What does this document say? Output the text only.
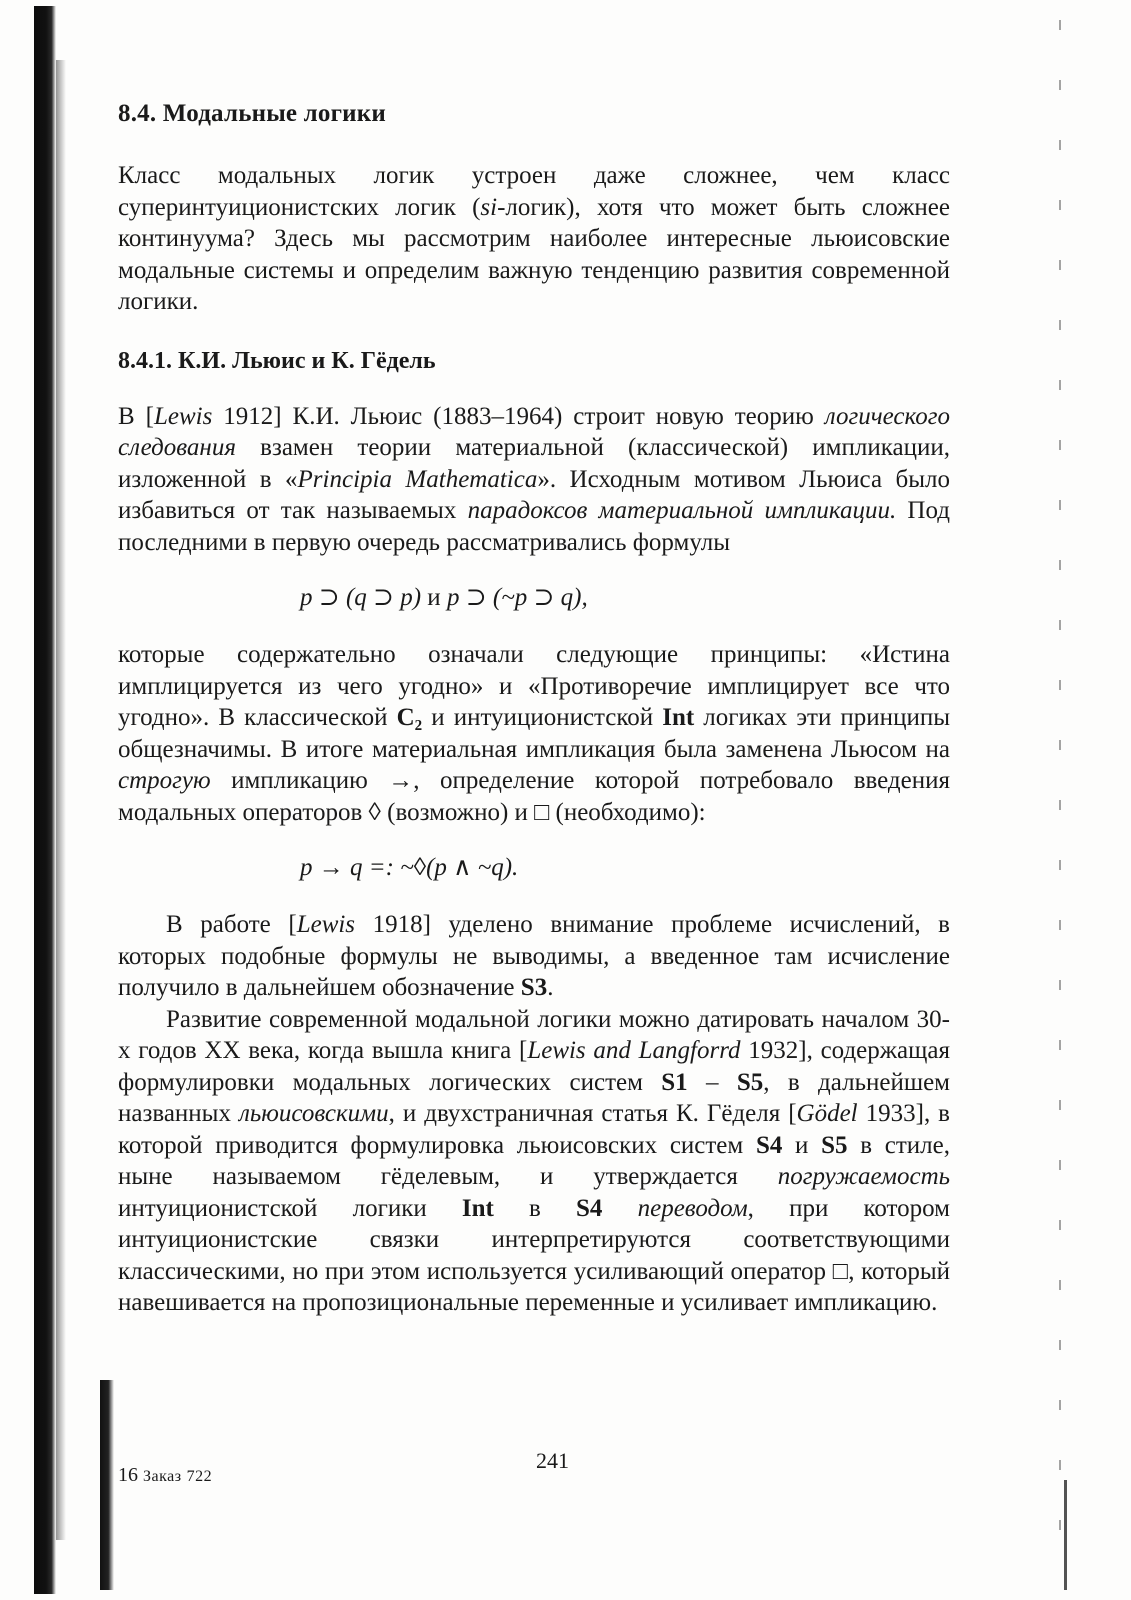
8.4. Модальные логики

Класс модальных логик устроен даже сложнее, чем класс суперинтуиционистских логик (si-логик), хотя что может быть сложнее континуума? Здесь мы рассмотрим наиболее интересные льюисовские модальные системы и определим важную тенденцию развития современной логики.

8.4.1. К.И. Льюис и К. Гёдель

В [Lewis 1912] К.И. Льюис (1883–1964) строит новую теорию логического следования взамен теории материальной (классической) импликации, изложенной в «Principia Mathematica». Исходным мотивом Льюиса было избавиться от так называемых парадоксов материальной импликации. Под последними в первую очередь рассматривались формулы

p ⊃ (q ⊃ p) и p ⊃ (~p ⊃ q),

которые содержательно означали следующие принципы: «Истина имплицируется из чего угодно» и «Противоречие имплицирует все что угодно». В классической C₂ и интуиционистской Int логиках эти принципы общезначимы. В итоге материальная импликация была заменена Льюсом на строгую импликацию →, определение которой потребовало введения модальных операторов ◊ (возможно) и □ (необходимо):

p → q =: ~◊(p ∧ ~q).

В работе [Lewis 1918] уделено внимание проблеме исчислений, в которых подобные формулы не выводимы, а введенное там исчисление получило в дальнейшем обозначение S3.

Развитие современной модальной логики можно датировать началом 30-х годов XX века, когда вышла книга [Lewis and Langforrd 1932], содержащая формулировки модальных логических систем S1 – S5, в дальнейшем названных льюисовскими, и двухстраничная статья К. Гёделя [Gödel 1933], в которой приводится формулировка льюисовских систем S4 и S5 в стиле, ныне называемом гёделевым, и утверждается погружаемость интуиционистской логики Int в S4 переводом, при котором интуиционистские связки интерпретируются соответствующими классическими, но при этом используется усиливающий оператор □, который навешивается на пропозициональные переменные и усиливает импликацию.

16 Заказ 722
241
